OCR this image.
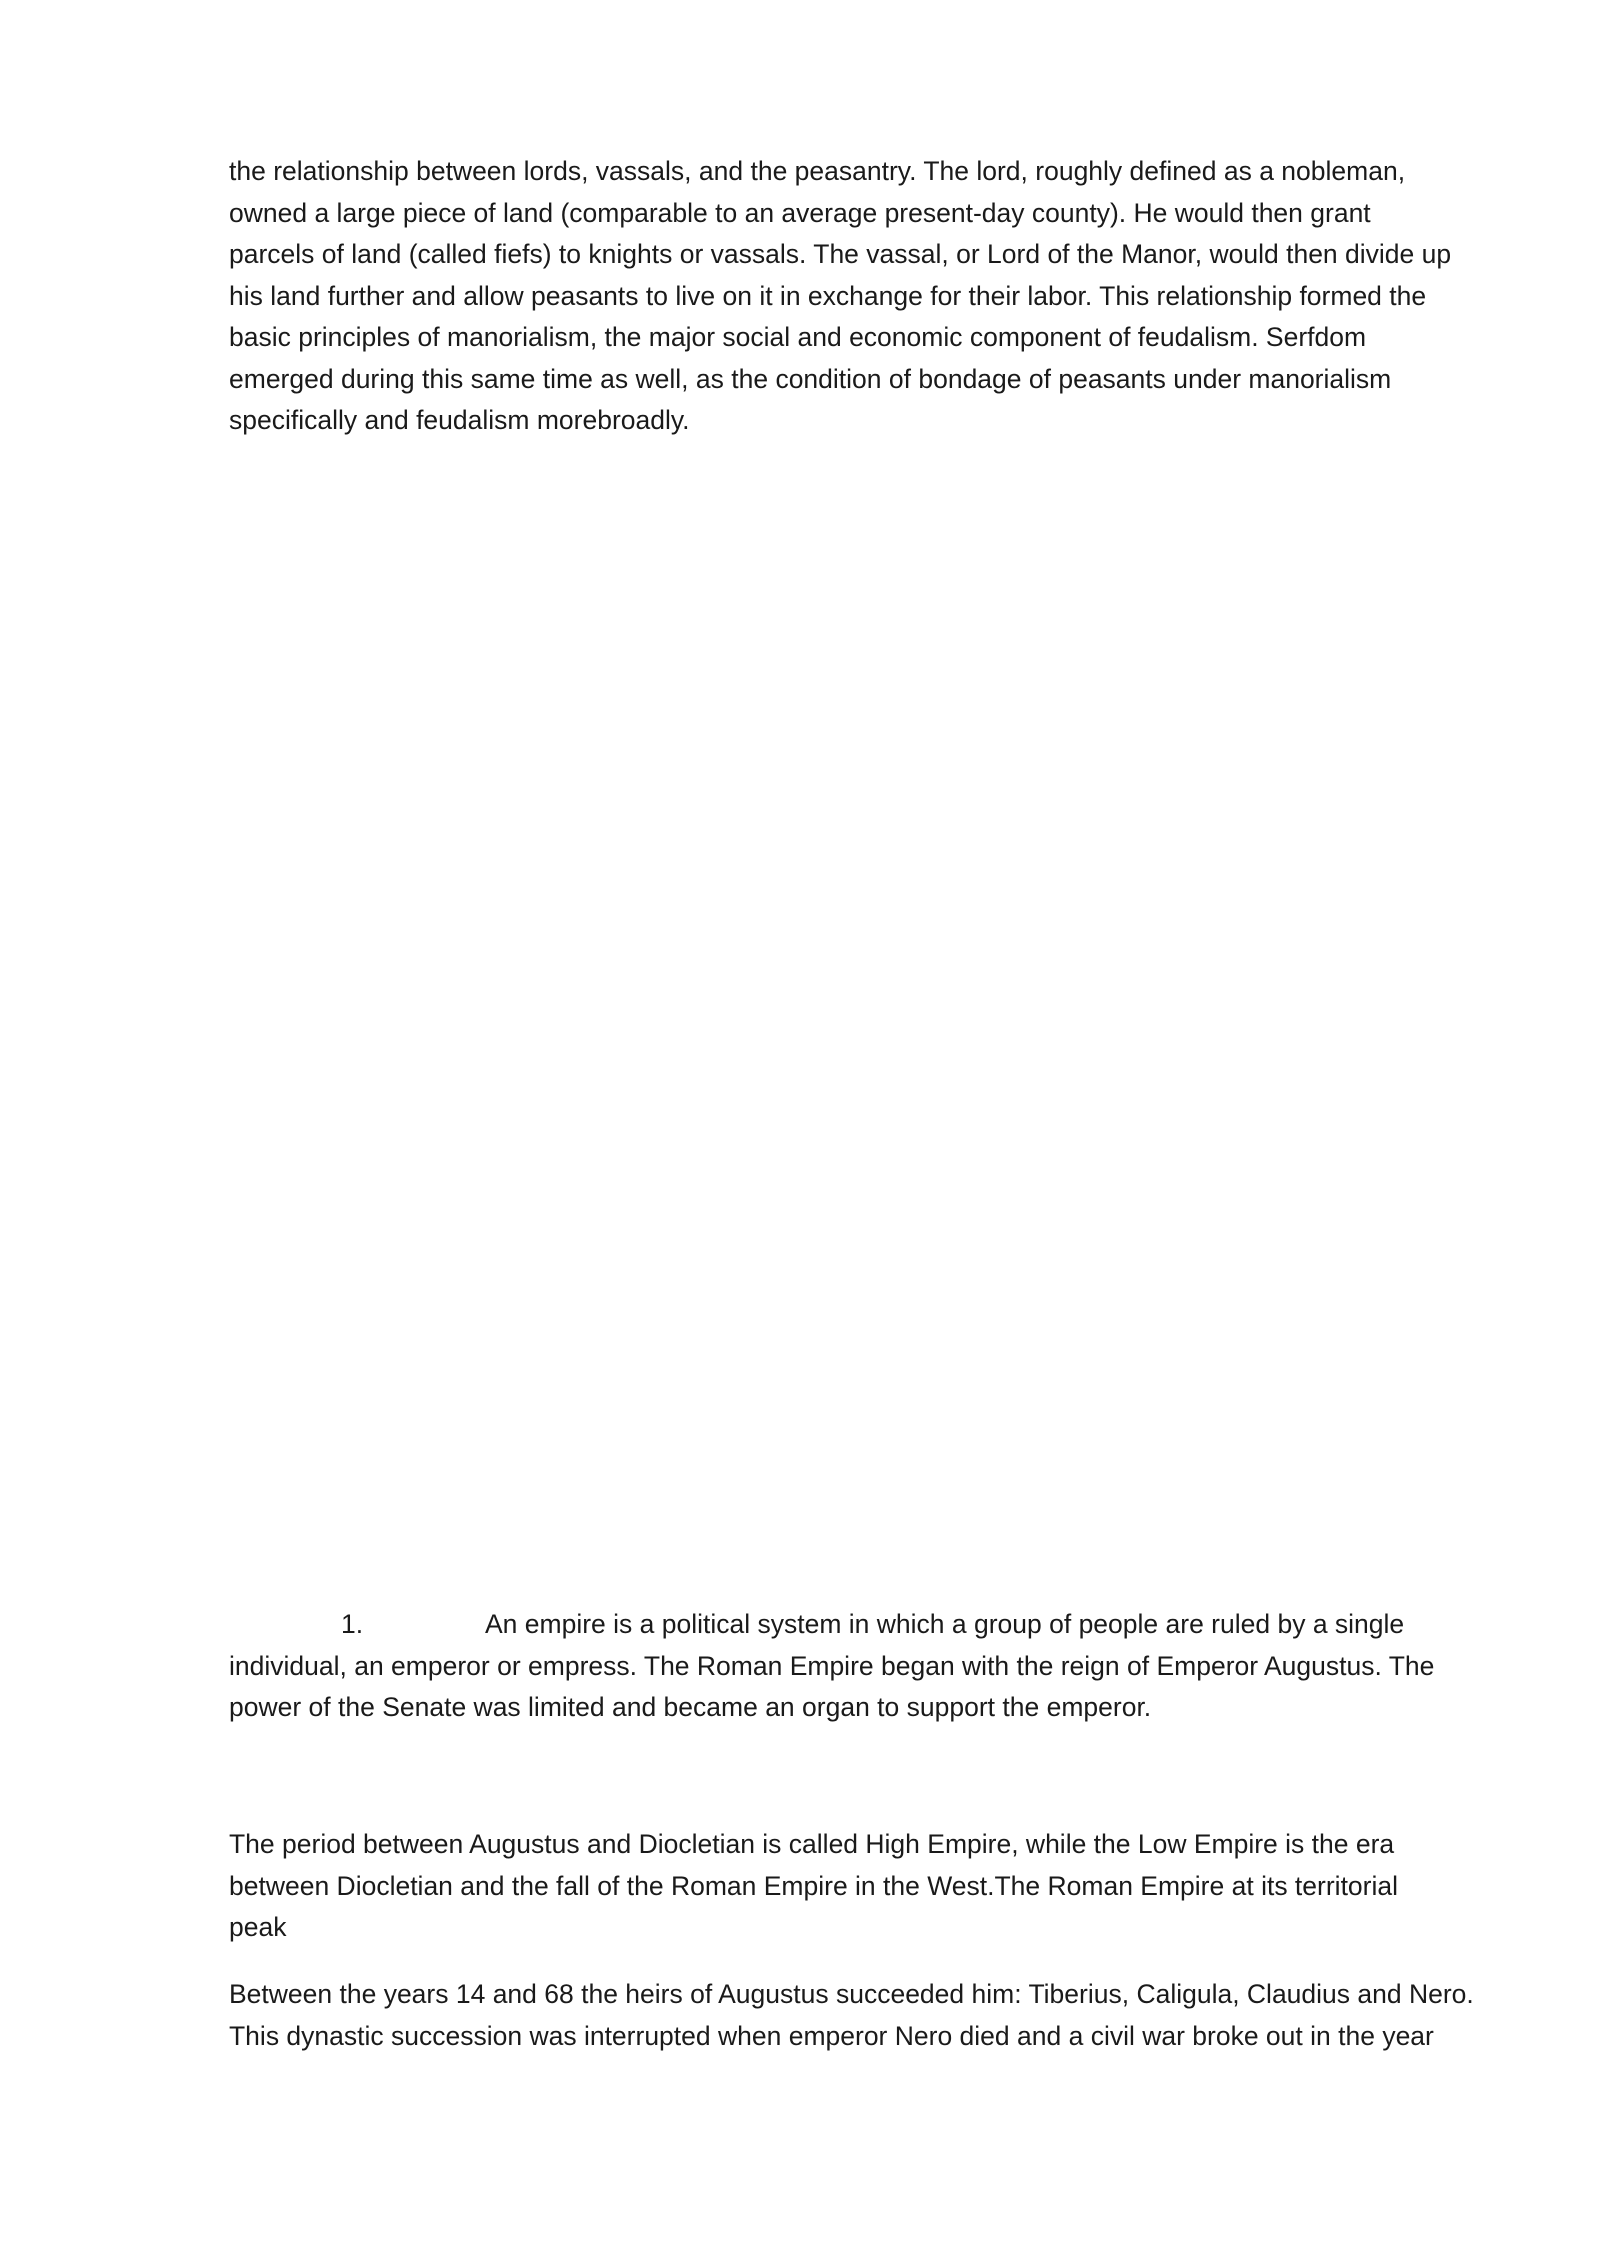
the relationship between lords, vassals, and the peasantry. The lord, roughly defined as a nobleman,
owned a large piece of land (comparable to an average present-day county). He would then grant
parcels of land (called fiefs) to knights or vassals. The vassal, or Lord of the Manor, would then divide up
his land further and allow peasants to live on it in exchange for their labor. This relationship formed the
basic principles of manorialism, the major social and economic component of feudalism. Serfdom
emerged during this same time as well, as the condition of bondage of peasants under manorialism
specifically and feudalism morebroadly.

1.	An empire is a political system in which a group of people are ruled by a single
individual, an emperor or empress. The Roman Empire began with the reign of Emperor Augustus. The
power of the Senate was limited and became an organ to support the emperor.

The period between Augustus and Diocletian is called High Empire, while the Low Empire is the era
between Diocletian and the fall of the Roman Empire in the West.The Roman Empire at its territorial
peak

Between the years 14 and 68 the heirs of Augustus succeeded him: Tiberius, Caligula, Claudius and Nero.
This dynastic succession was interrupted when emperor Nero died and a civil war broke out in the year
